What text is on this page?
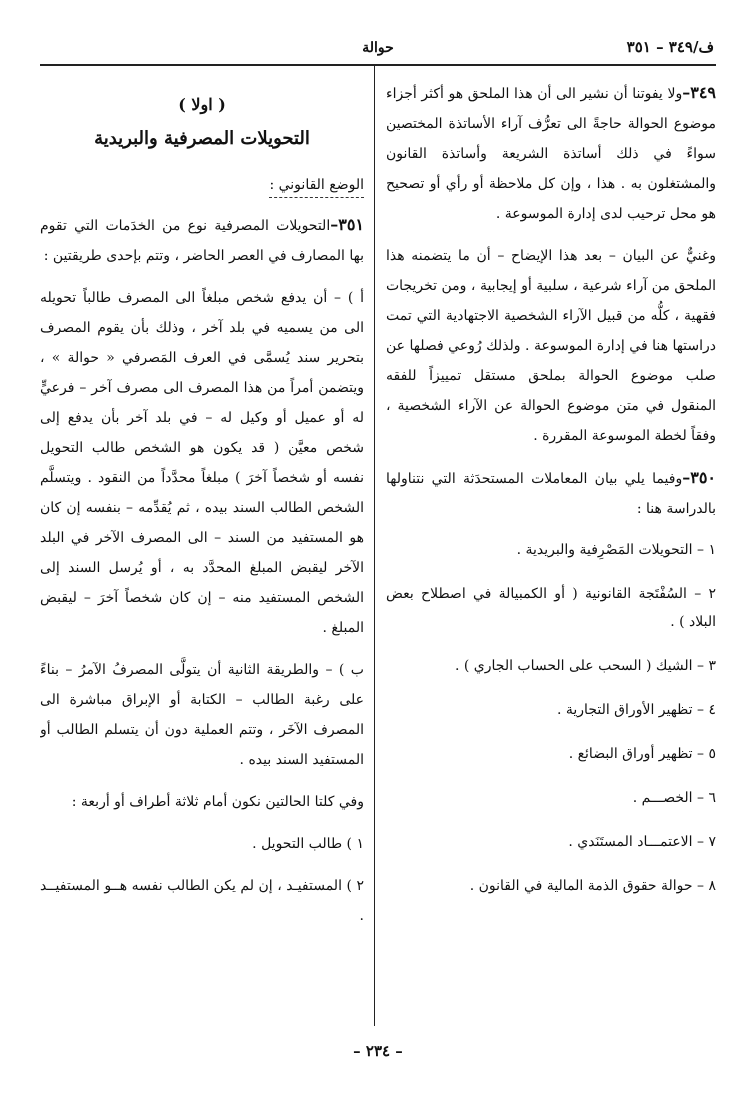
ف/٣٤٩ – ٣٥١
حوالة

٣٤٩–ولا يفوتنا أن نشير الى أن هذا الملحق هو أكثر أجزاء موضوع الحوالة حاجةً الى تعرُّف آراء الأساتذة المختصين سواءً في ذلك أساتذة الشريعة وأساتذة القانون والمشتغلون به . هذا ، وإن كل ملاحظة أو رأي أو تصحيح هو محل ترحيب لدى إدارة الموسوعة .

وغنيٌّ عن البيان – بعد هذا الإيضاح – أن ما يتضمنه هذا الملحق من آراء شرعية ، سلبية أو إيجابية ، ومن تخريجات فقهية ، كلُّه من قبيل الآراء الشخصية الاجتهادية التي تمت دراستها هنا في إدارة الموسوعة . ولذلك رُوعي فصلها عن صلب موضوع الحوالة بملحق مستقل تمييزاً للفقه المنقول في متن موضوع الحوالة عن الآراء الشخصية ، وفقاً لخطة الموسوعة المقررة .

٣٥٠–وفيما يلي بيان المعاملات المستحدَثة التي نتناولها بالدراسة هنا :

١ – التحويلات المَصْرِفية والبريدية .
٢ – السُفْتَجة القانونية ( أو الكمبيالة في اصطلاح بعض البلاد ) .
٣ – الشيك ( السحب على الحساب الجاري ) .
٤ – تظهير الأوراق التجارية .
٥ – تظهير أوراق البضائع .
٦ – الخصـــم .
٧ – الاعتمـــاد المستَنَدي .
٨ – حوالة حقوق الذمة المالية في القانون .
( اولا )
التحويلات المصرفية والبريدية
الوضع القانوني :

٣٥١–التحويلات المصرفية نوع من الخدَمات التي تقوم بها المصارف في العصر الحاضر ، وتتم بإحدى طريقتين :

أ ) – أن يدفع شخص مبلغاً الى المصرف طالباً تحويله الى من يسميه في بلد آخر ، وذلك بأن يقوم المصرف بتحرير سند يُسمَّى في العرف المَصرفي « حوالة » ، ويتضمن أمراً من هذا المصرف الى مصرف آخر – فرعيٍّ له أو عميل أو وكيل له – في بلد آخر بأن يدفع إلى شخص معيَّن ( قد يكون هو الشخص طالب التحويل نفسه أو شخصاً آخرَ ) مبلغاً محدَّداً من النقود . ويتسلَّم الشخص الطالب السند بيده ، ثم يُقدِّمه – بنفسه إن كان هو المستفيد من السند – الى المصرف الآخر في البلد الآخر ليقبض المبلغ المحدَّد به ، أو يُرسل السند إلى الشخص المستفيد منه – إن كان شخصاً آخرَ – ليقبض المبلغ .

ب ) – والطريقة الثانية أن يتولَّى المصرفُ الآمرُ – بناءً على رغبة الطالب – الكتابة أو الإبراق مباشرة الى المصرف الآخَر ، وتتم العملية دون أن يتسلم الطالب أو المستفيد السند بيده .

وفي كلتا الحالتين نكون أمام ثلاثة أطراف أو أربعة :

١ ) طالب التحويل .

٢ ) المستفيـد ، إن لم يكن الطالب نفسه هــو المستفيــد .

– ٢٣٤ –
